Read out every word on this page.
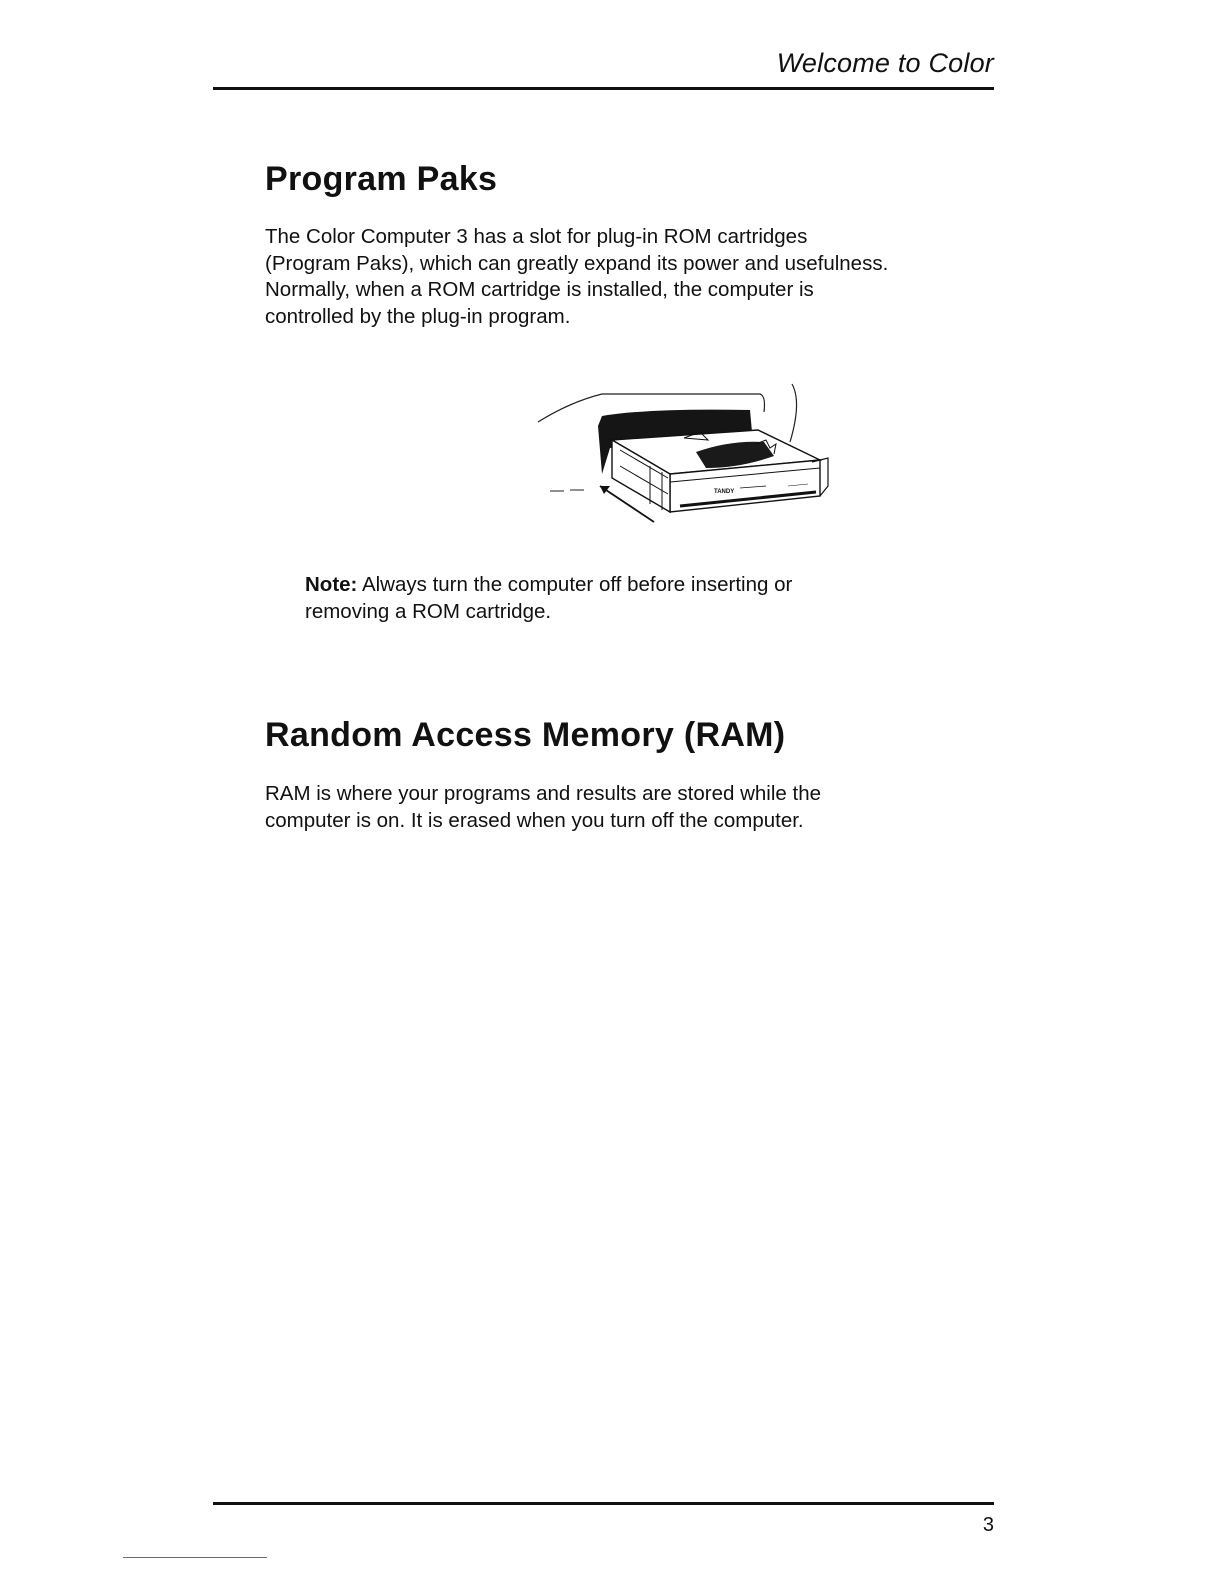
Welcome to Color
Program Paks

The Color Computer 3 has a slot for plug-in ROM cartridges
(Program Paks), which can greatly expand its power and usefulness.
Normally, when a ROM cartridge is installed, the computer is
controlled by the plug-in program.

TANDY

Note: Always turn the computer off before inserting or
removing a ROM cartridge.

Random Access Memory (RAM)

RAM is where your programs and results are stored while the
computer is on. It is erased when you turn off the computer.

3
